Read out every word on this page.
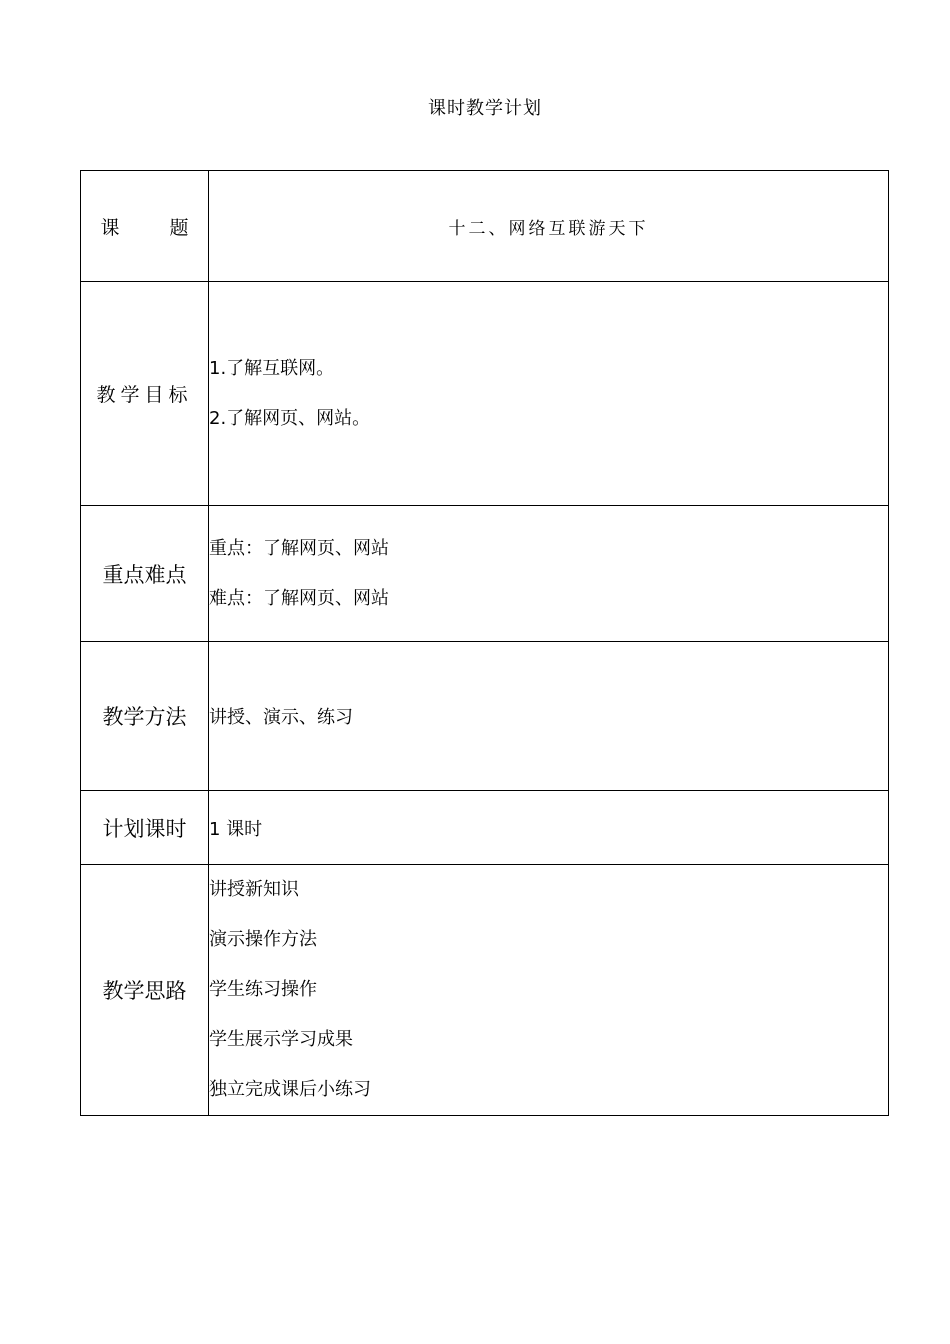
课时教学计划
课 题	十二、网络互联游天下
教学目标	1.了解互联网。
2.了解网页、网站。

重点难点	重点：了解网页、网站
难点：了解网页、网站

教学方法	讲授、演示、练习
计划课时	1 课时
教学思路	讲授新知识
演示操作方法
学生练习操作
学生展示学习成果
独立完成课后小练习
